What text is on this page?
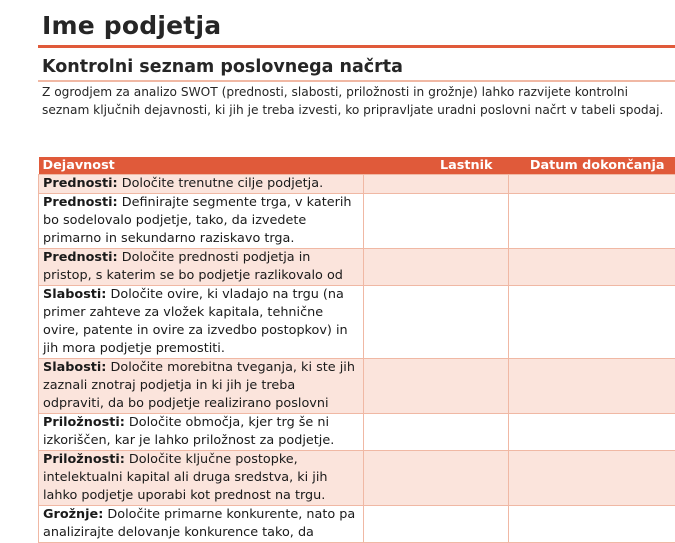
Ime podjetja
Kontrolni seznam poslovnega načrta
Z ogrodjem za analizo SWOT (prednosti, slabosti, priložnosti in grožnje) lahko razvijete kontrolni seznam ključnih dejavnosti, ki jih je treba izvesti, ko pripravljate uradni poslovni načrt v tabeli spodaj.
Dejavnost	Lastnik	Datum dokončanja
Prednosti: Določite trenutne cilje podjetja.		
Prednosti: Definirajte segmente trga, v katerih bo sodelovalo podjetje, tako, da izvedete primarno in sekundarno raziskavo trga.		

Prednosti: Določite prednosti podjetja in pristop, s katerim se bo podjetje razlikovalo od		

Slabosti: Določite ovire, ki vladajo na trgu (na primer zahteve za vložek kapitala, tehnične ovire, patente in ovire za izvedbo postopkov) in jih mora podjetje premostiti.		

Slabosti: Določite morebitna tveganja, ki ste jih zaznali znotraj podjetja in ki jih je treba odpraviti, da bo podjetje realizirano poslovni		

Priložnosti: Določite območja, kjer trg še ni izkoriščen, kar je lahko priložnost za podjetje.		
Priložnosti: Določite ključne postopke, intelektualni kapital ali druga sredstva, ki jih lahko podjetje uporabi kot prednost na trgu.		
Grožnje: Določite primarne konkurente, nato pa analizirajte delovanje konkurence tako, da		
